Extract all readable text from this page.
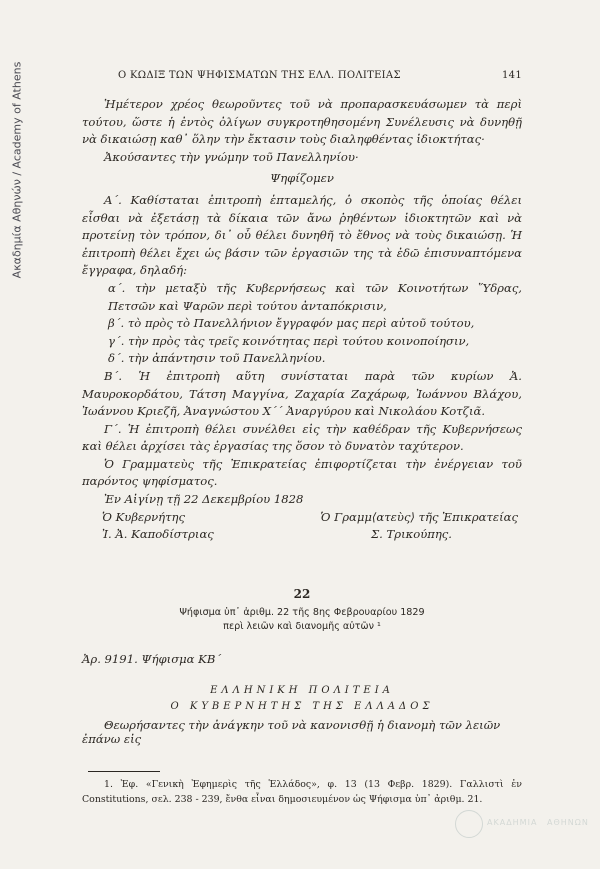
Ακαδημία Αθηνών / Academy of Athens	Ο ΚΩΔΙΞ ΤΩΝ ΨΗΦΙΣΜΑΤΩΝ ΤΗΣ ΕΛΛ. ΠΟΛΙΤΕΙΑΣ	141

Ἡμέτερον χρέος θεωροῦντες τοῦ νὰ προπαρασκευάσωμεν τὰ περὶ τούτου, ὥστε ἡ ἐντὸς ὀλίγων συγκροτηθησομένη Συνέλευσις νὰ δυνηθῇ νὰ δικαιώσῃ καθ᾽ ὅλην τὴν ἔκτασιν τοὺς διαληφθέντας ἰδιοκτήτας·

Ἀκούσαντες τὴν γνώμην τοῦ Πανελληνίου·

Ψηφίζομεν

Α΄. Καθίσταται ἐπιτροπὴ ἑπταμελής, ὁ σκοπὸς τῆς ὁποίας θέλει εἶσθαι νὰ ἐξετάσῃ τὰ δίκαια τῶν ἄνω ῥηθέντων ἰδιοκτητῶν καὶ νὰ προτείνῃ τὸν τρόπον, δι᾽ οὗ θέλει δυνηθῆ τὸ ἔθνος νὰ τοὺς δικαιώσῃ. Ἡ ἐπιτροπὴ θέλει ἔχει ὡς βάσιν τῶν ἐργασιῶν της τὰ ἐδῶ ἐπισυναπτόμενα ἔγγραφα, δηλαδή:

α΄. τὴν μεταξὺ τῆς Κυβερνήσεως καὶ τῶν Κοινοτήτων Ὕδρας, Πετσῶν καὶ Ψαρῶν περὶ τούτου ἀνταπόκρισιν,

β΄. τὸ πρὸς τὸ Πανελλήνιον ἔγγραφόν μας περὶ αὐτοῦ τούτου,

γ΄. τὴν πρὸς τὰς τρεῖς κοινότητας περὶ τούτου κοινοποίησιν,

δ΄. τὴν ἀπάντησιν τοῦ Πανελληνίου.

Β΄. Ἡ ἐπιτροπὴ αὕτη συνίσταται παρὰ τῶν κυρίων Ἀ. Μαυροκορδάτου, Τάτση Μαγγίνα, Ζαχαρία Ζαχάρωφ, Ἰωάννου Βλάχου, Ἰωάννου Κριεζῆ, Ἀναγνώστου Χ΄΄ Ἀναργύρου καὶ Νικολάου Κοτζιᾶ.

Γ΄. Ἡ ἐπιτροπὴ θέλει συνέλθει εἰς τὴν καθέδραν τῆς Κυβερνήσεως καὶ θέλει ἀρχίσει τὰς ἐργασίας της ὅσον τὸ δυνατὸν ταχύτερον.

Ὁ Γραμματεὺς τῆς Ἐπικρατείας ἐπιφορτίζεται τὴν ἐνέργειαν τοῦ παρόντος ψηφίσματος.

Ἐν Αἰγίνῃ τῇ 22 Δεκεμβρίου 1828

Ὁ Κυβερνήτης	Ὁ Γραμμ⟨ατεὺς⟩ τῆς Ἐπικρατείας
Ἰ. Ἀ. Καποδίστριας	Σ. Τρικούπης.
22
Ψήφισμα ὑπ᾽ ἀριθμ. 22 τῆς 8ης Φεβρουαρίου 1829
περὶ λειῶν καὶ διανομῆς αὐτῶν ¹
Ἀρ. 9191. Ψήφισμα ΚΒ΄
ΕΛΛΗΝΙΚΗ ΠΟΛΙΤΕΙΑ
Ο ΚΥΒΕΡΝΗΤΗΣ ΤΗΣ ΕΛΛΑΔΟΣ
Θεωρήσαντες τὴν ἀνάγκην τοῦ νὰ κανονισθῇ ἡ διανομὴ τῶν λειῶν ἐπάνω εἰς
1. Ἐφ. «Γενικὴ Ἐφημερὶς τῆς Ἑλλάδος», φ. 13 (13 Φεβρ. 1829). Γαλλιστὶ ἐν Constitutions, σελ. 238 - 239, ἔνθα εἶναι δημοσιευμένον ὡς Ψήφισμα ὑπ᾽ ἀριθμ. 21.
ΑΚΑΔΗΜΙΑ ΑΘΗΝΩΝ
